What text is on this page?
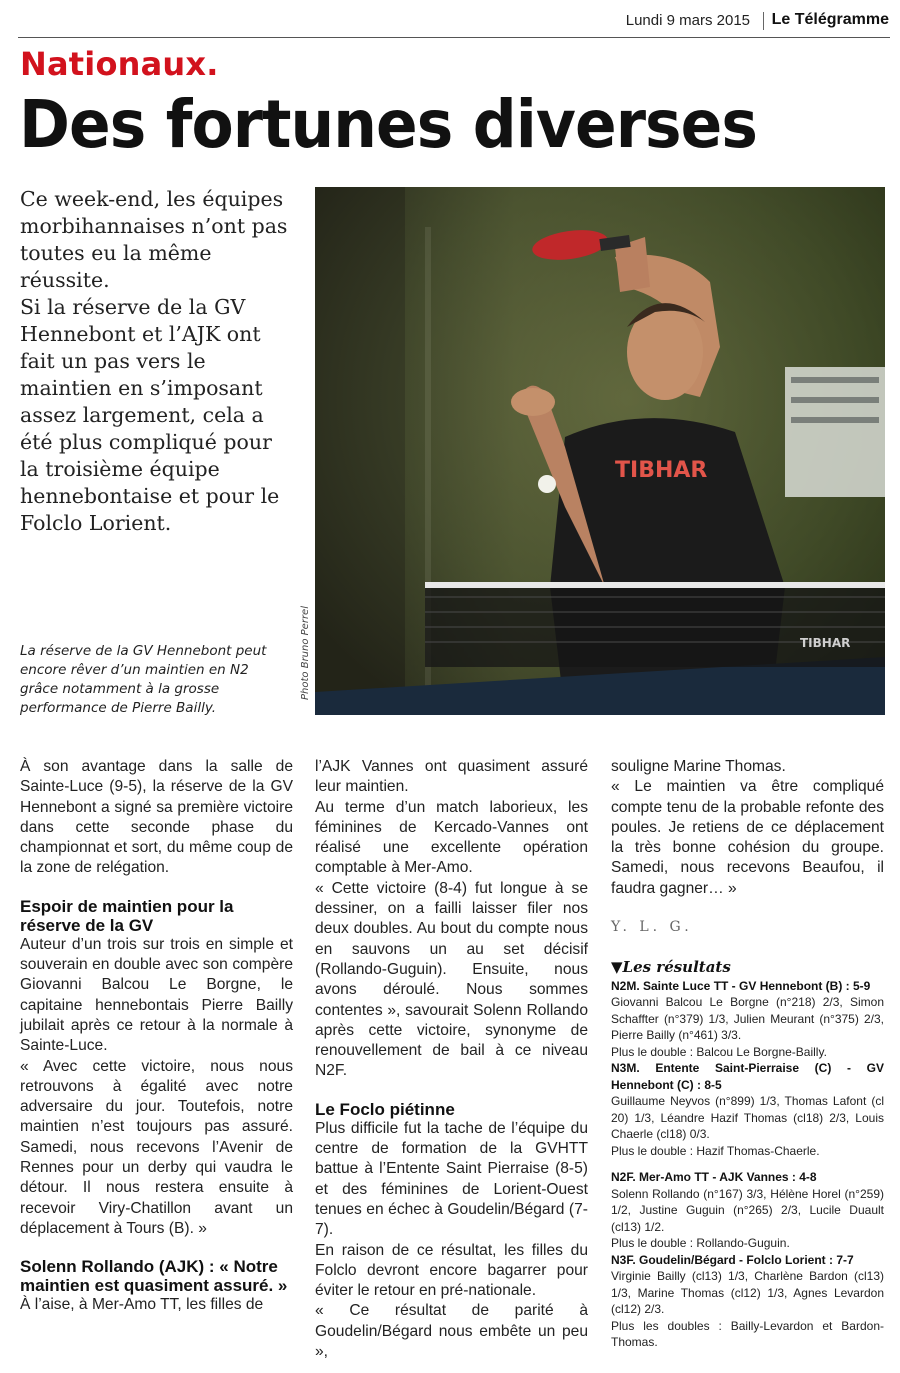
Lundi 9 mars 2015 Le Télégramme
Nationaux.
Des fortunes diverses

Ce week-end, les équipes morbihannaises n’ont pas toutes eu la même réussite.

Si la réserve de la GV Hennebont et l’AJK ont fait un pas vers le maintien en s’imposant assez largement, cela a été plus compliqué pour la troisième équipe hennebontaise et pour le Folclo Lorient.

TIBHAR
TIBHAR
Photo Bruno Perrel
La réserve de la GV Hennebont peut encore rêver d’un maintien en N2 grâce notamment à la grosse performance de Pierre Bailly.

À son avantage dans la salle de Sainte-Luce (9-5), la réserve de la GV Hennebont a signé sa première victoire dans cette seconde phase du championnat et sort, du même coup de la zone de relégation.

Espoir de maintien pour la réserve de la GV

Auteur d’un trois sur trois en simple et souverain en double avec son compère Giovanni Balcou Le Borgne, le capitaine hennebontais Pierre Bailly jubilait après ce retour à la normale à Sainte-Luce.

« Avec cette victoire, nous nous retrouvons à égalité avec notre adversaire du jour. Toutefois, notre maintien n’est toujours pas assuré. Samedi, nous recevons l’Avenir de Rennes pour un derby qui vaudra le détour. Il nous restera ensuite à recevoir Viry-Chatillon avant un déplacement à Tours (B). »

Solenn Rollando (AJK) : « Notre maintien est quasiment assuré. »

À l’aise, à Mer-Amo TT, les filles de

l’AJK Vannes ont quasiment assuré leur maintien.

Au terme d’un match laborieux, les féminines de Kercado-Vannes ont réalisé une excellente opération comptable à Mer-Amo.

« Cette victoire (8-4) fut longue à se dessiner, on a failli laisser filer nos deux doubles. Au bout du compte nous en sauvons un au set décisif (Rollando-Guguin). Ensuite, nous avons déroulé. Nous sommes contentes », savourait Solenn Rollando après cette victoire, synonyme de renouvellement de bail à ce niveau N2F.

Le Foclo piétinne

Plus difficile fut la tache de l’équipe du centre de formation de la GVHTT battue à l’Entente Saint Pierraise (8-5) et des féminines de Lorient-Ouest tenues en échec à Goudelin/Bégard (7-7).

En raison de ce résultat, les filles du Folclo devront encore bagarrer pour éviter le retour en pré-nationale.

« Ce résultat de parité à Goudelin/Bégard nous embête un peu »,

souligne Marine Thomas.

« Le maintien va être compliqué compte tenu de la probable refonte des poules. Je retiens de ce déplacement la très bonne cohésion du groupe. Samedi, nous recevons Beaufou, il faudra gagner… »

Y. L. G.

▼Les résultats

N2M. Sainte Luce TT - GV Hennebont (B) : 5-9

Giovanni Balcou Le Borgne (n°218) 2/3, Simon Schaffter (n°379) 1/3, Julien Meurant (n°375) 2/3, Pierre Bailly (n°461) 3/3.

Plus le double : Balcou Le Borgne-Bailly.

N3M. Entente Saint-Pierraise (C) - GV Hennebont (C) : 8-5

Guillaume Neyvos (n°899) 1/3, Thomas Lafont (cl 20) 1/3, Léandre Hazif Thomas (cl18) 2/3, Louis Chaerle (cl18) 0/3.

Plus le double : Hazif Thomas-Chaerle.

N2F. Mer-Amo TT - AJK Vannes : 4-8

Solenn Rollando (n°167) 3/3, Hélène Horel (n°259) 1/2, Justine Guguin (n°265) 2/3, Lucile Duault (cl13) 1/2.

Plus le double : Rollando-Guguin.

N3F. Goudelin/Bégard - Folclo Lorient : 7-7

Virginie Bailly (cl13) 1/3, Charlène Bardon (cl13) 1/3, Marine Thomas (cl12) 1/3, Agnes Levardon (cl12) 2/3.

Plus les doubles : Bailly-Levardon et Bardon-Thomas.
